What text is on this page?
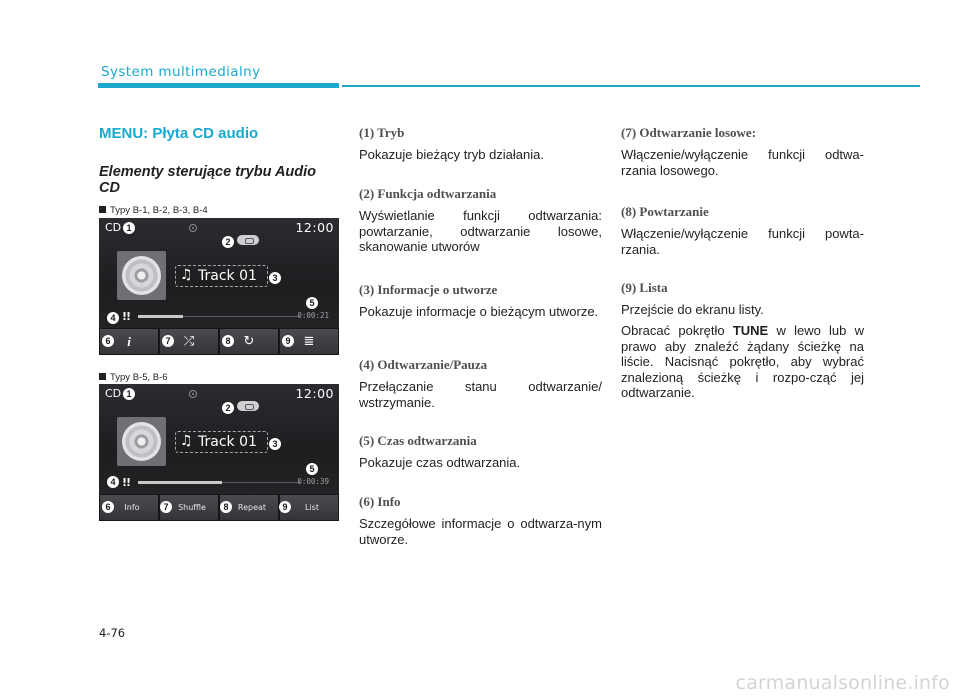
System multimedialny
MENU: Płyta CD audio
Elementy sterujące trybu Audio CD
Typy B-1, B-2, B-3, B-4
CD	12:00
♫ Track 01
!!	0:00:21
i	⤮	↻	≣
1
2
3
4
5
6	7	8	9
Typy B-5, B-6
CD	12:00
♫ Track 01
!!	0:00:39
Info	Shuffle	Repeat	List
1
2
3
4
5
6	7	8	9
(1) Tryb
Pokazuje bieżący tryb działania.
(2) Funkcja odtwarzania
Wyświetlanie funkcji odtwarzania: powtarzanie, odtwarzanie losowe, skanowanie utworów
(3) Informacje o utworze
Pokazuje informacje o bieżącym utworze.
(4) Odtwarzanie/Pauza
Przełączanie stanu odtwarzanie/ wstrzymanie.
(5) Czas odtwarzania
Pokazuje czas odtwarzania.
(6) Info
Szczegółowe informacje o odtwarza-nym utworze.
(7) Odtwarzanie losowe:
Włączenie/wyłączenie funkcji odtwa-rzania losowego.
(8) Powtarzanie
Włączenie/wyłączenie funkcji powta-rzania.
(9) Lista
Przejście do ekranu listy.
Obracać pokrętło TUNE w lewo lub w prawo aby znaleźć żądany ścieżkę na liście. Nacisnąć pokrętło, aby wybrać znalezioną ścieżkę i rozpo-cząć jej odtwarzanie.
4-76
carmanualsonline.info
